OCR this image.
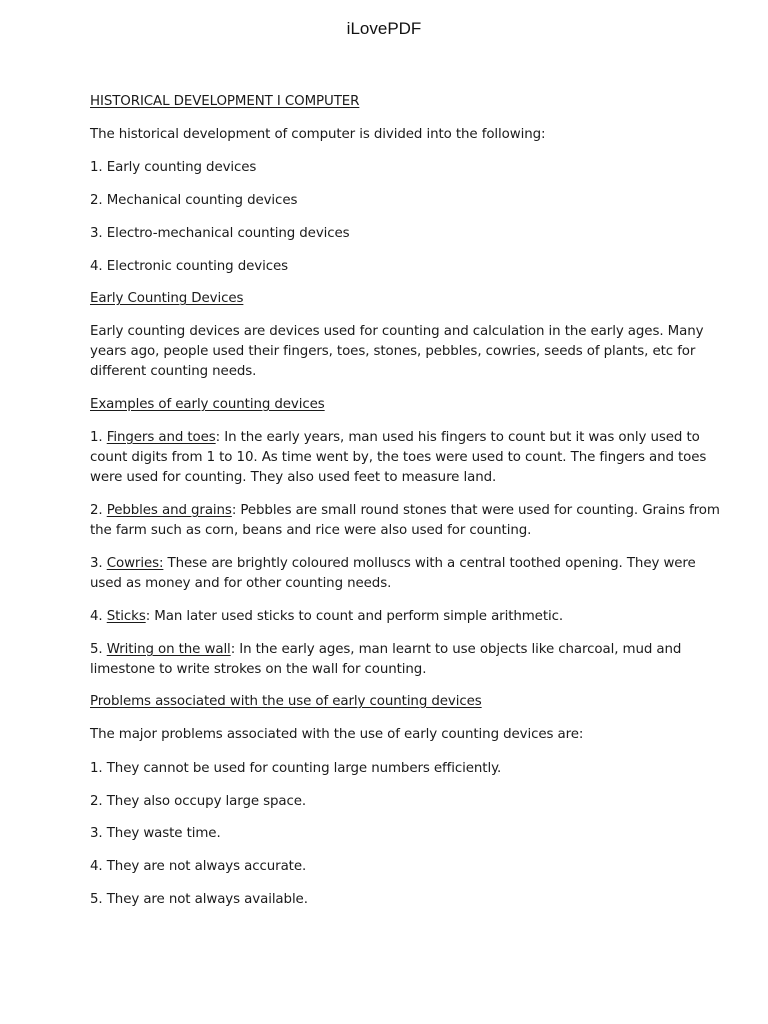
iLovePDF
HISTORICAL DEVELOPMENT I COMPUTER
The historical development of computer is divided into the following:
1. Early counting devices
2. Mechanical counting devices
3. Electro-mechanical counting devices
4. Electronic counting devices
Early Counting Devices
Early counting devices are devices used for counting and calculation in the early ages. Many
years ago, people used their fingers, toes, stones, pebbles, cowries, seeds of plants, etc for
different counting needs.
Examples of early counting devices
1. Fingers and toes: In the early years, man used his fingers to count but it was only used to
count digits from 1 to 10. As time went by, the toes were used to count. The fingers and toes
were used for counting. They also used feet to measure land.
2. Pebbles and grains: Pebbles are small round stones that were used for counting. Grains from
the farm such as corn, beans and rice were also used for counting.
3. Cowries: These are brightly coloured molluscs with a central toothed opening. They were
used as money and for other counting needs.
4. Sticks: Man later used sticks to count and perform simple arithmetic.
5. Writing on the wall: In the early ages, man learnt to use objects like charcoal, mud and
limestone to write strokes on the wall for counting.
Problems associated with the use of early counting devices
The major problems associated with the use of early counting devices are:
1. They cannot be used for counting large numbers efficiently.
2. They also occupy large space.
3. They waste time.
4. They are not always accurate.
5. They are not always available.
